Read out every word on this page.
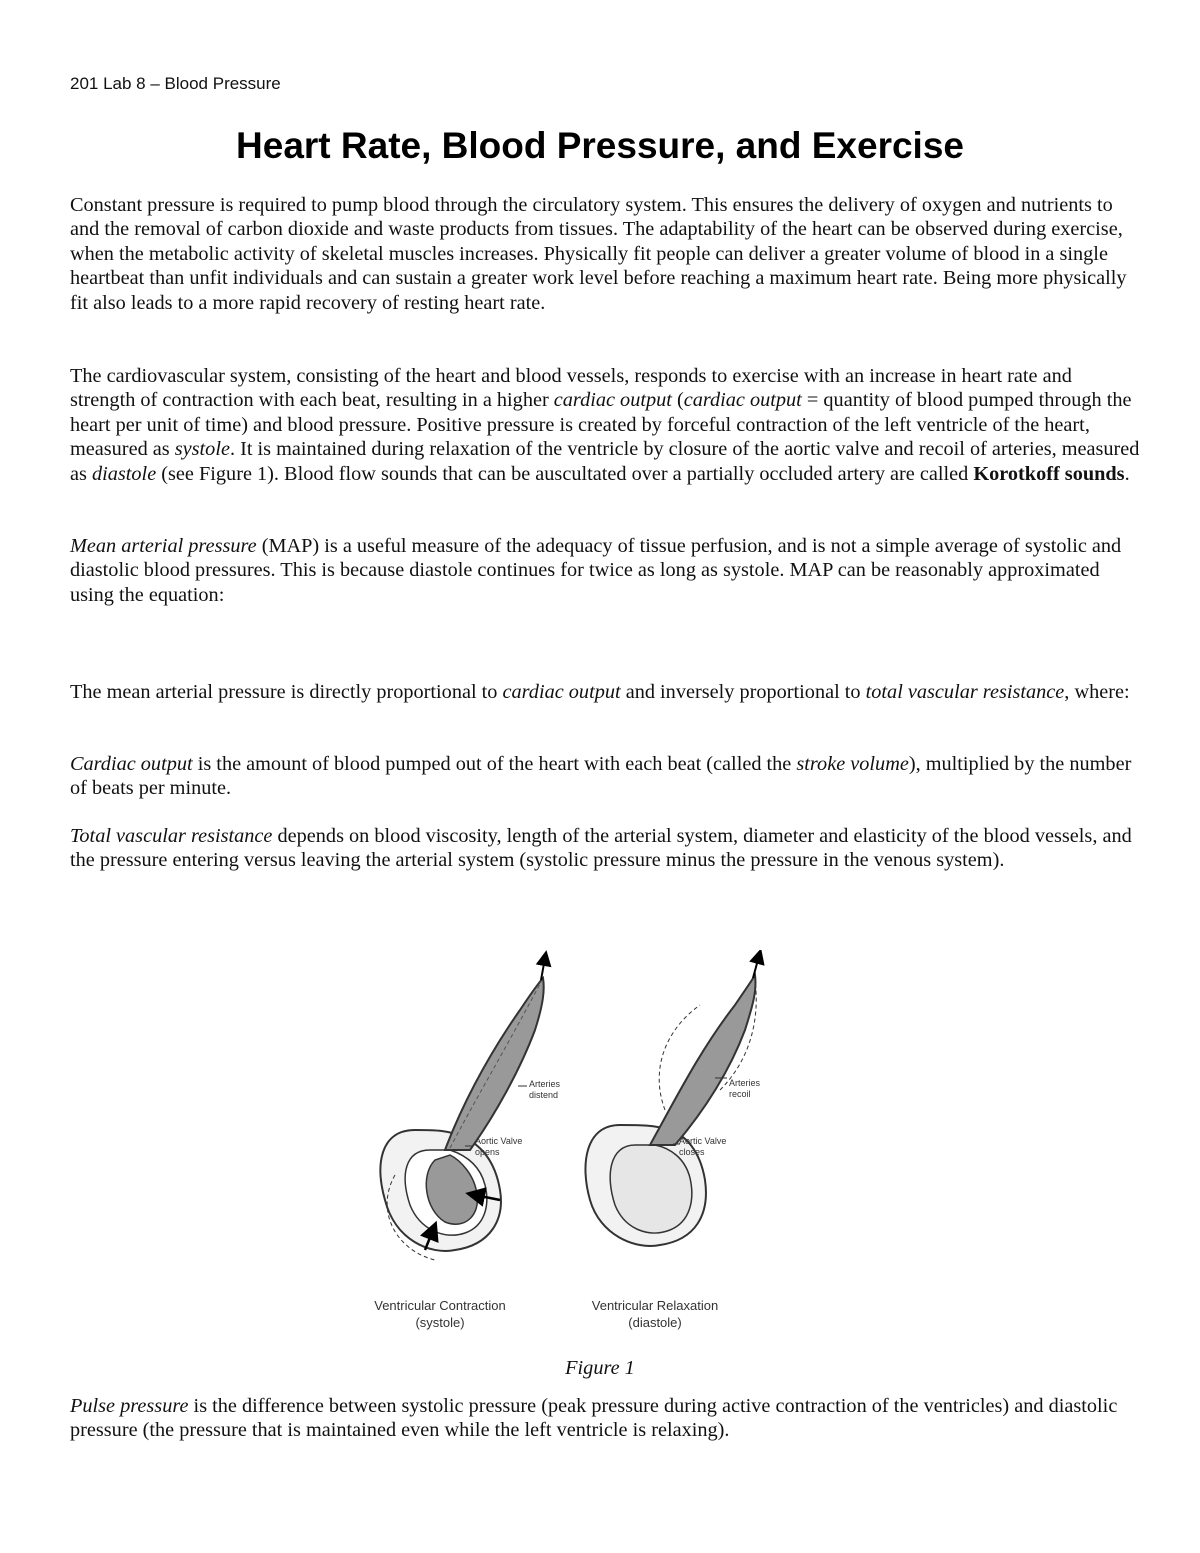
201 Lab 8 – Blood Pressure
Heart Rate, Blood Pressure, and Exercise

Constant pressure is required to pump blood through the circulatory system. This ensures the delivery of oxygen and nutrients to and the removal of carbon dioxide and waste products from tissues. The adaptability of the heart can be observed during exercise, when the metabolic activity of skeletal muscles increases. Physically fit people can deliver a greater volume of blood in a single heartbeat than unfit individuals and can sustain a greater work level before reaching a maximum heart rate. Being more physically fit also leads to a more rapid recovery of resting heart rate.

The cardiovascular system, consisting of the heart and blood vessels, responds to exercise with an increase in heart rate and strength of contraction with each beat, resulting in a higher cardiac output (cardiac output = quantity of blood pumped through the heart per unit of time) and blood pressure. Positive pressure is created by forceful contraction of the left ventricle of the heart, measured as systole. It is maintained during relaxation of the ventricle by closure of the aortic valve and recoil of arteries, measured as diastole (see Figure 1). Blood flow sounds that can be auscultated over a partially occluded artery are called Korotkoff sounds.

Mean arterial pressure (MAP) is a useful measure of the adequacy of tissue perfusion, and is not a simple average of systolic and diastolic blood pressures. This is because diastole continues for twice as long as systole. MAP can be reasonably approximated using the equation:

The mean arterial pressure is directly proportional to cardiac output and inversely proportional to total vascular resistance, where:

Cardiac output is the amount of blood pumped out of the heart with each beat (called the stroke volume), multiplied by the number of beats per minute.

Total vascular resistance depends on blood viscosity, length of the arterial system, diameter and elasticity of the blood vessels, and the pressure entering versus leaving the arterial system (systolic pressure minus the pressure in the venous system).

Arteries
distend
Aortic Valve
opens
Arteries
recoil
Aortic Valve
closes
Ventricular Contraction
(systole)
Ventricular Relaxation
(diastole)
Figure 1

Pulse pressure is the difference between systolic pressure (peak pressure during active contraction of the ventricles) and diastolic pressure (the pressure that is maintained even while the left ventricle is relaxing).
